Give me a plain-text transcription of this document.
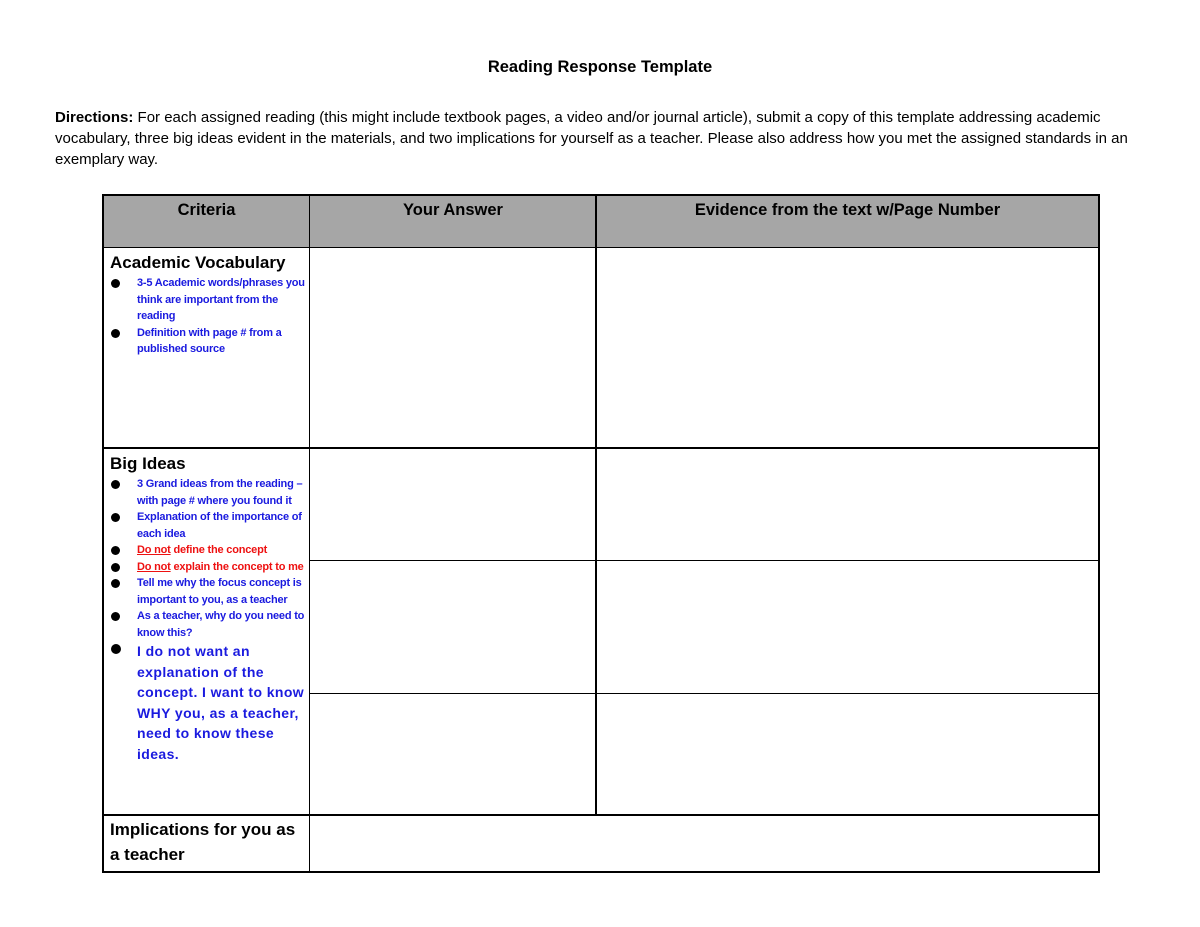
Reading Response Template
Directions: For each assigned reading (this might include textbook pages, a video and/or journal article), submit a copy of this template addressing academic vocabulary, three big ideas evident in the materials, and two implications for yourself as a teacher. Please also address how you met the assigned standards in an exemplary way.
Criteria	Your Answer	Evidence from the text w/Page Number
Academic Vocabulary
3-5 Academic words/phrases you think are important from the reading
Definition with page # from a published source
Big Ideas
3 Grand ideas from the reading – with page # where you found it
Explanation of the importance of each idea
Do not define the concept
Do not explain the concept to me
Tell me why the focus concept is important to you, as a teacher
As a teacher, why do you need to know this?
I do not want an explanation of the concept. I want to know WHY you, as a teacher, need to know these ideas.
Implications for you as a teacher
